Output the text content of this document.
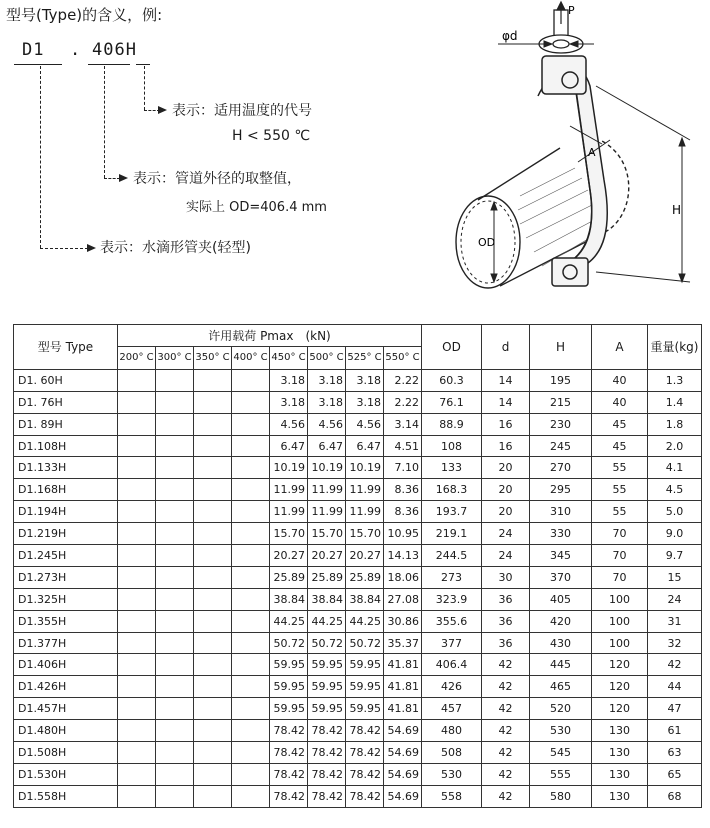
型号(Type)的含义，例:
D1 . 406H
表示：适用温度的代号
H < 550 ℃
表示：管道外径的取整值，
实际上 OD=406.4 mm
表示：水滴形管夹(轻型)
P
φd
A
H
OD
型号 Type	许用载荷 Pmax　(kN)								OD	d	H	A	重量(kg)
	200° C	300° C	350° C	400° C	450° C	500° C	525° C	550° C					
D1. 60H					3.18	3.18	3.18	2.22	60.3	14	195	40	1.3
D1. 76H					3.18	3.18	3.18	2.22	76.1	14	215	40	1.4
D1. 89H					4.56	4.56	4.56	3.14	88.9	16	230	45	1.8
D1.108H					6.47	6.47	6.47	4.51	108	16	245	45	2.0
D1.133H					10.19	10.19	10.19	7.10	133	20	270	55	4.1
D1.168H					11.99	11.99	11.99	8.36	168.3	20	295	55	4.5
D1.194H					11.99	11.99	11.99	8.36	193.7	20	310	55	5.0
D1.219H					15.70	15.70	15.70	10.95	219.1	24	330	70	9.0
D1.245H					20.27	20.27	20.27	14.13	244.5	24	345	70	9.7
D1.273H					25.89	25.89	25.89	18.06	273	30	370	70	15
D1.325H					38.84	38.84	38.84	27.08	323.9	36	405	100	24
D1.355H					44.25	44.25	44.25	30.86	355.6	36	420	100	31
D1.377H					50.72	50.72	50.72	35.37	377	36	430	100	32
D1.406H					59.95	59.95	59.95	41.81	406.4	42	445	120	42
D1.426H					59.95	59.95	59.95	41.81	426	42	465	120	44
D1.457H					59.95	59.95	59.95	41.81	457	42	520	120	47
D1.480H					78.42	78.42	78.42	54.69	480	42	530	130	61
D1.508H					78.42	78.42	78.42	54.69	508	42	545	130	63
D1.530H					78.42	78.42	78.42	54.69	530	42	555	130	65
D1.558H					78.42	78.42	78.42	54.69	558	42	580	130	68
